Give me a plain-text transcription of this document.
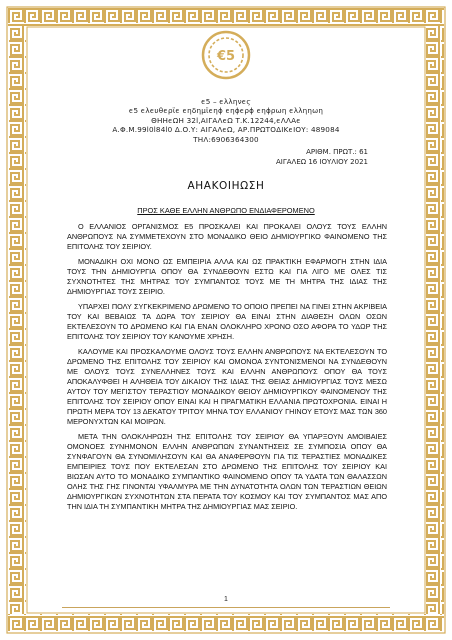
€5
ϵ5 – ϵλληνϵϛ
ϵ5 ϵλϵυθϵρϊϵ ϵηδημϊϵηϕ ϵηϕϵρϕ ϵηϕρωη ϵλληηωη
ΘΗΗϵΩΗ 32l,ΑΙΓΑΛϵΩ Τ.Κ.12244,ϵΛΛΑϵ
Α.Φ.Μ.99l0l84l0 Δ.Ο.Υ: ΑΙΓΑΛϵΩ, ΑΡ.ΠΡΩΤΟΔΙΚϵΙΟΥ: 489084
ΤΗΛ:6906364300
ΑΡΙΘΜ. ΠΡΩΤ.: 61
ΑΙΓΑΛΕΩ 16 ΙΟΥΛΙΟΥ 2021
ΑΗΑΚΟΙΗΩΣΗ
ΠΡΟΣ ΚΑΘΕ ΕΛΛΗΝ ΑΝΘΡΩΠΟ ΕΝΔΙΑΦΕΡΟΜΕΝΟ

Ο ΕΛΛΑΝΙΟΣ ΟΡΓΑΝΙΣΜΟΣ Ε5 ΠΡΟΣΚΑΛΕΙ ΚΑΙ ΠΡΟΚΑΛΕΙ ΟΛΟΥΣ ΤΟΥΣ ΕΛΛΗΝ ΑΝΘΡΩΠΟΥΣ ΝΑ ΣΥΜΜΕΤΕΧΟΥΝ ΣΤΟ ΜΟΝΑΔΙΚΟ ΘΕΙΟ ΔΗΜΙΟΥΡΓΙΚΟ ΦΑΙΝΟΜΕΝΟ ΤΗΣ ΕΠΙΤΟΛΗΣ ΤΟΥ ΣΕΙΡΙΟΥ.

ΜΟΝΑΔΙΚΗ ΟΧΙ ΜΟΝΟ ΩΣ ΕΜΠΕΙΡΙΑ ΑΛΛΑ ΚΑΙ ΩΣ ΠΡΑΚΤΙΚΗ ΕΦΑΡΜΟΓΗ ΣΤΗΝ ΙΔΙΑ ΤΟΥΣ ΤΗΝ ΔΗΜΙΟΥΡΓΙΑ ΟΠΟΥ ΘΑ ΣΥΝΔΕΘΟΥΝ ΕΣΤΩ ΚΑΙ ΓΙΑ ΛΙΓΟ ΜΕ ΟΛΕΣ ΤΙΣ ΣΥΧΝΟΤΗΤΕΣ ΤΗΣ ΜΗΤΡΑΣ ΤΟΥ ΣΥΜΠΑΝΤΟΣ ΤΟΥΣ ΜΕ ΤΗ ΜΗΤΡΑ ΤΗΣ ΙΔΙΑΣ ΤΗΣ ΔΗΜΙΟΥΡΓΙΑΣ ΤΟΥΣ ΣΕΙΡΙΟ.

ΥΠΑΡΧΕΙ ΠΟΛΥ ΣΥΓΚΕΚΡΙΜΕΝΟ ΔΡΩΜΕΝΟ ΤΟ ΟΠΟΙΟ ΠΡΕΠΕΙ ΝΑ ΓΙΝΕΙ ΣΤΗΝ ΑΚΡΙΒΕΙΑ ΤΟΥ ΚΑΙ ΒΕΒΑΙΩΣ ΤΑ ΔΩΡΑ ΤΟΥ ΣΕΙΡΙΟΥ ΘΑ ΕΙΝΑΙ ΣΤΗΝ ΔΙΑΘΕΣΗ ΟΛΩΝ ΟΣΩΝ ΕΚΤΕΛΕΣΟΥΝ ΤΟ ΔΡΩΜΕΝΟ ΚΑΙ ΓΙΑ ΕΝΑΝ ΟΛΟΚΛΗΡΟ ΧΡΟΝΟ ΟΣΟ ΑΦΟΡΑ ΤΟ ΥΔΩΡ ΤΗΣ ΕΠΙΤΟΛΗΣ ΤΟΥ ΣΕΙΡΙΟΥ ΤΟΥ ΚΑΝΟΥΜΕ ΧΡΗΣΗ.

ΚΑΛΟΥΜΕ ΚΑΙ ΠΡΟΣΚΑΛΟΥΜΕ ΟΛΟΥΣ ΤΟΥΣ ΕΛΛΗΝ ΑΝΘΡΩΠΟΥΣ ΝΑ ΕΚΤΕΛΕΣΟΥΝ ΤΟ ΔΡΩΜΕΝΟ ΤΗΣ ΕΠΙΤΟΛΗΣ ΤΟΥ ΣΕΙΡΙΟΥ ΚΑΙ ΟΜΟΝΟΑ ΣΥΝΤΟΝΙΣΜΕΝΟΙ ΝΑ ΣΥΝΔΕΘΟΥΝ ΜΕ ΟΛΟΥΣ ΤΟΥΣ ΣΥΝΕΛΛΗΝΕΣ ΤΟΥΣ ΚΑΙ ΕΛΛΗΝ ΑΝΘΡΩΠΟΥΣ ΟΠΟΥ ΘΑ ΤΟΥΣ ΑΠΟΚΑΛΥΦΘΕΙ Η ΑΛΗΘΕΙΑ ΤΟΥ ΔΙΚΑΙΟΥ ΤΗΣ ΙΔΙΑΣ ΤΗΣ ΘΕΙΑΣ ΔΗΜΙΟΥΡΓΙΑΣ ΤΟΥΣ ΜΕΣΩ ΑΥΤΟΥ ΤΟΥ ΜΕΓΙΣΤΟΥ ΤΕΡΑΣΤΙΟΥ ΜΟΝΑΔΙΚΟΥ ΘΕΙΟΥ ΔΗΜΙΟΥΡΓΙΚΟΥ ΦΑΙΝΟΜΕΝΟΥ ΤΗΣ ΕΠΙΤΟΛΗΣ ΤΟΥ ΣΕΙΡΙΟΥ ΟΠΟΥ ΕΙΝΑΙ ΚΑΙ Η ΠΡΑΓΜΑΤΙΚΗ ΕΛΛΑΝΙΑ ΠΡΩΤΟΧΡΟΝΙΑ. ΕΙΝΑΙ Η ΠΡΩΤΗ ΜΕΡΑ ΤΟΥ 13 ΔΕΚΑΤΟΥ ΤΡΙΤΟΥ ΜΗΝΑ ΤΟΥ ΕΛΛΑΝΙΟΥ ΓΗΙΝΟΥ ΕΤΟΥΣ ΜΑΣ ΤΩΝ 360 ΜΕΡΟΝΥΧΤΩΝ ΚΑΙ ΜΟΙΡΩΝ.

ΜΕΤΑ ΤΗΝ ΟΛΟΚΛΗΡΩΣΗ ΤΗΣ ΕΠΙΤΟΛΗΣ ΤΟΥ ΣΕΙΡΙΟΥ ΘΑ ΥΠΑΡΞΟΥΝ ΑΜΟΙΒΑΙΕΣ ΟΜΟΝΟΕΣ ΣΥΝΗΜΟΝΟΝ ΕΛΛΗΝ ΑΝΘΡΩΠΩΝ ΣΥΝΑΝΤΗΣΕΙΣ ΣΕ ΣΥΜΠΟΣΙΑ ΟΠΟΥ ΘΑ ΣΥΝΦΑΓΟΥΝ ΘΑ ΣΥΝΟΜΙΛΗΣΟΥΝ ΚΑΙ ΘΑ ΑΝΑΦΕΡΘΟΥΝ ΓΙΑ ΤΙΣ ΤΕΡΑΣΤΙΕΣ ΜΟΝΑΔΙΚΕΣ ΕΜΠΕΙΡΙΕΣ ΤΟΥΣ ΠΟΥ ΕΚΤΕΛΕΣΑΝ ΣΤΟ ΔΡΩΜΕΝΟ ΤΗΣ ΕΠΙΤΟΛΗΣ ΤΟΥ ΣΕΙΡΙΟΥ ΚΑΙ ΒΙΩΣΑΝ ΑΥΤΟ ΤΟ ΜΟΝΑΔΙΚΟ ΣΥΜΠΑΝΤΙΚΟ ΦΑΙΝΟΜΕΝΟ ΟΠΟΥ ΤΑ ΥΔΑΤΑ ΤΩΝ ΘΑΛΑΣΣΩΝ ΟΛΗΣ ΤΗΣ ΓΗΣ ΓΙΝΟΝΤΑΙ ΥΦΑΛΜΥΡΑ ΜΕ ΤΗΝ ΔΥΝΑΤΟΤΗΤΑ ΟΛΩΝ ΤΩΝ ΤΕΡΑΣΤΙΩΝ ΘΕΙΩΝ ΔΗΜΙΟΥΡΓΙΚΩΝ ΣΥΧΝΟΤΗΤΩΝ ΣΤΑ ΠΕΡΑΤΑ ΤΟΥ ΚΟΣΜΟΥ ΚΑΙ ΤΟΥ ΣΥΜΠΑΝΤΟΣ ΜΑΣ ΑΠΟ ΤΗΝ ΙΔΙΑ ΤΗ ΣΥΜΠΑΝΤΙΚΗ ΜΗΤΡΑ ΤΗΣ ΔΗΜΙΟΥΡΓΙΑΣ ΜΑΣ ΣΕΙΡΙΟ.

1
